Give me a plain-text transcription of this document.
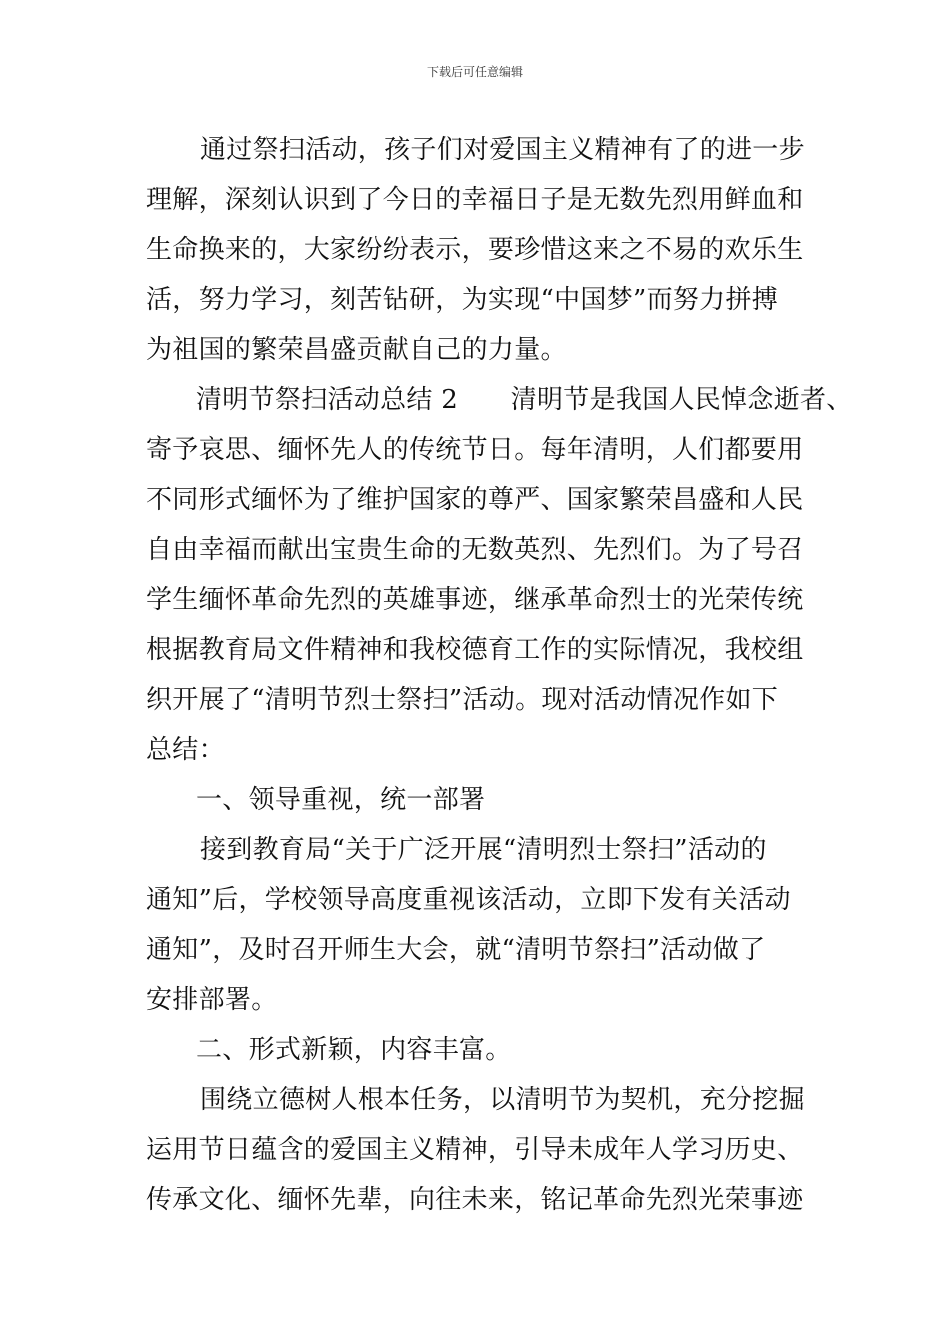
下载后可任意编辑
通过祭扫活动，孩子们对爱国主义精神有了的进一步
理解，深刻认识到了今日的幸福日子是无数先烈用鲜血和
生命换来的，大家纷纷表示，要珍惜这来之不易的欢乐生
活，努力学习，刻苦钻研，为实现“中国梦”而努力拼搏
为祖国的繁荣昌盛贡献自己的力量。
清明节祭扫活动总结 2　　清明节是我国人民悼念逝者、
寄予哀思、缅怀先人的传统节日。每年清明，人们都要用
不同形式缅怀为了维护国家的尊严、国家繁荣昌盛和人民
自由幸福而献出宝贵生命的无数英烈、先烈们。为了号召
学生缅怀革命先烈的英雄事迹，继承革命烈士的光荣传统
根据教育局文件精神和我校德育工作的实际情况，我校组
织开展了“清明节烈士祭扫”活动。现对活动情况作如下
总结：
一、领导重视，统一部署
接到教育局“关于广泛开展“清明烈士祭扫”活动的
通知”后，学校领导高度重视该活动，立即下发有关活动
通知”，及时召开师生大会，就“清明节祭扫”活动做了
安排部署。
二、形式新颖，内容丰富。
围绕立德树人根本任务，以清明节为契机，充分挖掘
运用节日蕴含的爱国主义精神，引导未成年人学习历史、
传承文化、缅怀先辈，向往未来，铭记革命先烈光荣事迹
